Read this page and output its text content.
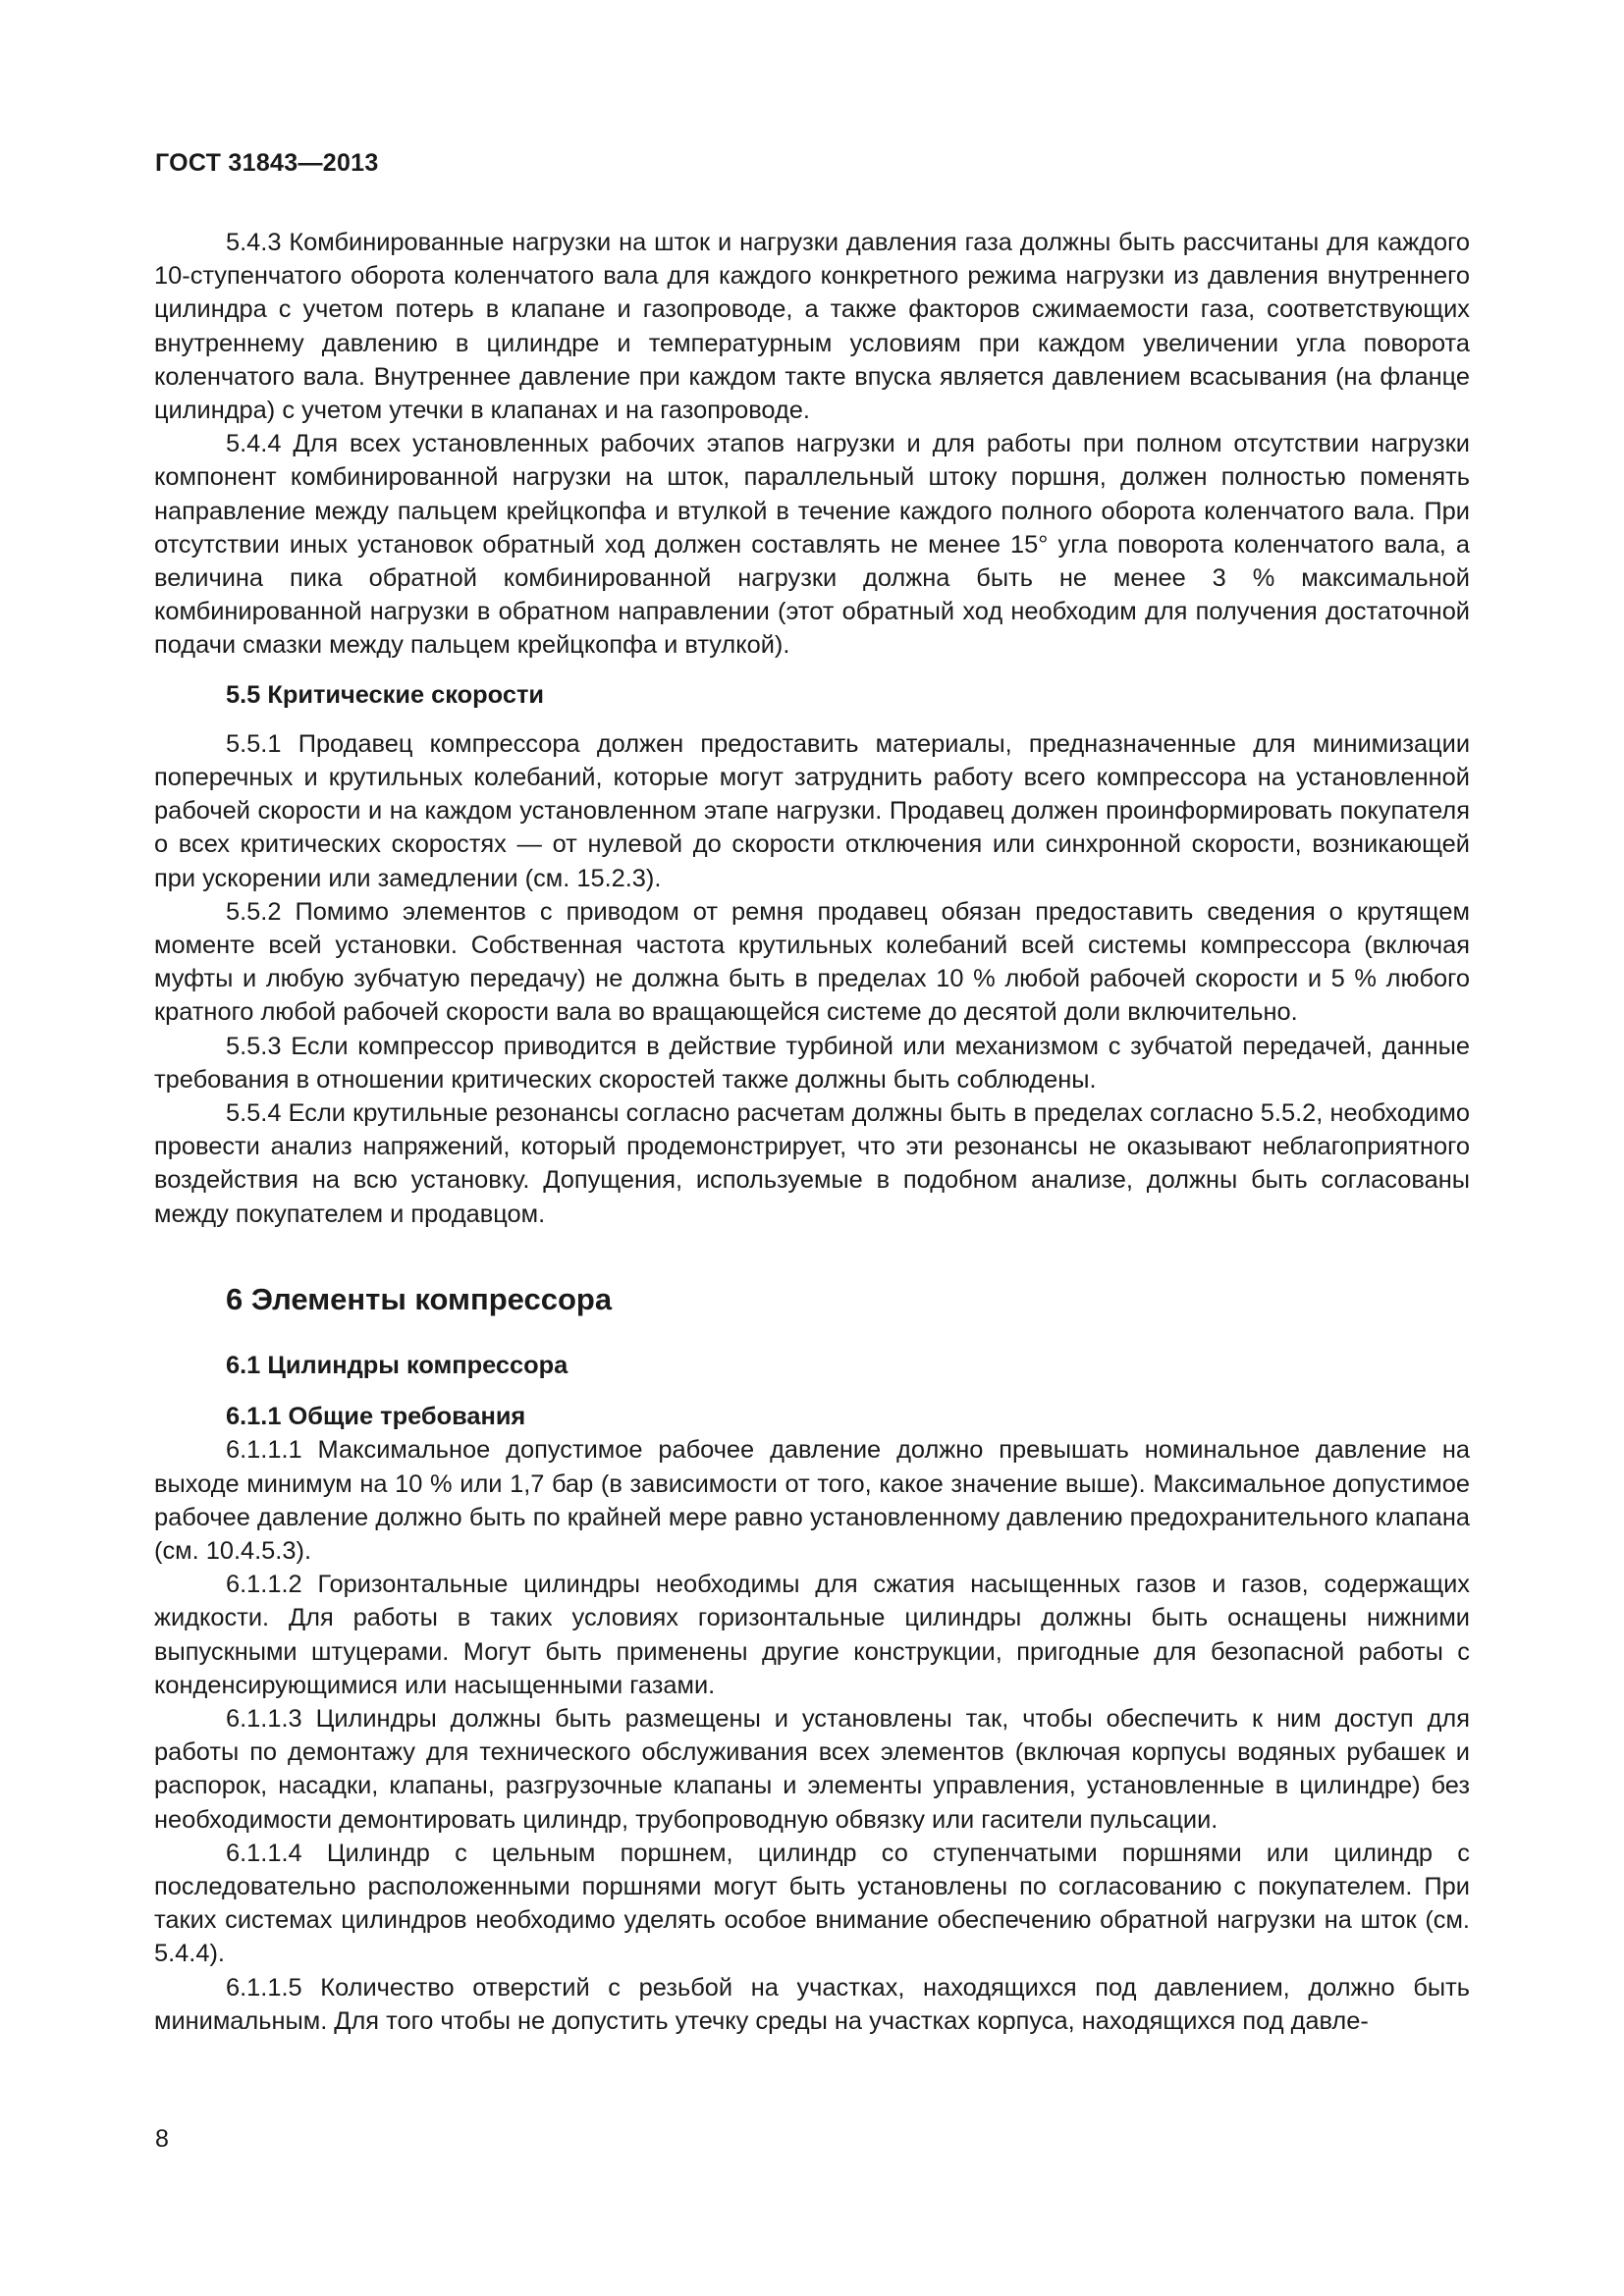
ГОСТ 31843—2013

5.4.3 Комбинированные нагрузки на шток и нагрузки давления газа должны быть рассчитаны для каждого 10-ступенчатого оборота коленчатого вала для каждого конкретного режима нагрузки из давления внутреннего цилиндра с учетом потерь в клапане и газопроводе, а также факторов сжимаемости газа, соответствующих внутреннему давлению в цилиндре и температурным условиям при каждом увеличении угла поворота коленчатого вала. Внутреннее давление при каждом такте впуска является давлением всасывания (на фланце цилиндра) с учетом утечки в клапанах и на газопроводе.

5.4.4 Для всех установленных рабочих этапов нагрузки и для работы при полном отсутствии нагрузки компонент комбинированной нагрузки на шток, параллельный штоку поршня, должен полностью поменять направление между пальцем крейцкопфа и втулкой в течение каждого полного оборота коленчатого вала. При отсутствии иных установок обратный ход должен составлять не менее 15° угла поворота коленчатого вала, а величина пика обратной комбинированной нагрузки должна быть не менее 3 % максимальной комбинированной нагрузки в обратном направлении (этот обратный ход необходим для получения достаточной подачи смазки между пальцем крейцкопфа и втулкой).

5.5 Критические скорости

5.5.1 Продавец компрессора должен предоставить материалы, предназначенные для минимизации поперечных и крутильных колебаний, которые могут затруднить работу всего компрессора на установленной рабочей скорости и на каждом установленном этапе нагрузки. Продавец должен проинформировать покупателя о всех критических скоростях — от нулевой до скорости отключения или синхронной скорости, возникающей при ускорении или замедлении (см. 15.2.3).

5.5.2 Помимо элементов с приводом от ремня продавец обязан предоставить сведения о крутящем моменте всей установки. Собственная частота крутильных колебаний всей системы компрессора (включая муфты и любую зубчатую передачу) не должна быть в пределах 10 % любой рабочей скорости и 5 % любого кратного любой рабочей скорости вала во вращающейся системе до десятой доли включительно.

5.5.3 Если компрессор приводится в действие турбиной или механизмом с зубчатой передачей, данные требования в отношении критических скоростей также должны быть соблюдены.

5.5.4 Если крутильные резонансы согласно расчетам должны быть в пределах согласно 5.5.2, необходимо провести анализ напряжений, который продемонстрирует, что эти резонансы не оказывают неблагоприятного воздействия на всю установку. Допущения, используемые в подобном анализе, должны быть согласованы между покупателем и продавцом.

6 Элементы компрессора

6.1 Цилиндры компрессора

6.1.1 Общие требования

6.1.1.1 Максимальное допустимое рабочее давление должно превышать номинальное давление на выходе минимум на 10 % или 1,7 бар (в зависимости от того, какое значение выше). Максимальное допустимое рабочее давление должно быть по крайней мере равно установленному давлению предохранительного клапана (см. 10.4.5.3).

6.1.1.2 Горизонтальные цилиндры необходимы для сжатия насыщенных газов и газов, содержащих жидкости. Для работы в таких условиях горизонтальные цилиндры должны быть оснащены нижними выпускными штуцерами. Могут быть применены другие конструкции, пригодные для безопасной работы с конденсирующимися или насыщенными газами.

6.1.1.3 Цилиндры должны быть размещены и установлены так, чтобы обеспечить к ним доступ для работы по демонтажу для технического обслуживания всех элементов (включая корпусы водяных рубашек и распорок, насадки, клапаны, разгрузочные клапаны и элементы управления, установленные в цилиндре) без необходимости демонтировать цилиндр, трубопроводную обвязку или гасители пульсации.

6.1.1.4 Цилиндр с цельным поршнем, цилиндр со ступенчатыми поршнями или цилиндр с последовательно расположенными поршнями могут быть установлены по согласованию с покупателем. При таких системах цилиндров необходимо уделять особое внимание обеспечению обратной нагрузки на шток (см. 5.4.4).

6.1.1.5 Количество отверстий с резьбой на участках, находящихся под давлением, должно быть минимальным. Для того чтобы не допустить утечку среды на участках корпуса, находящихся под давле-

8
